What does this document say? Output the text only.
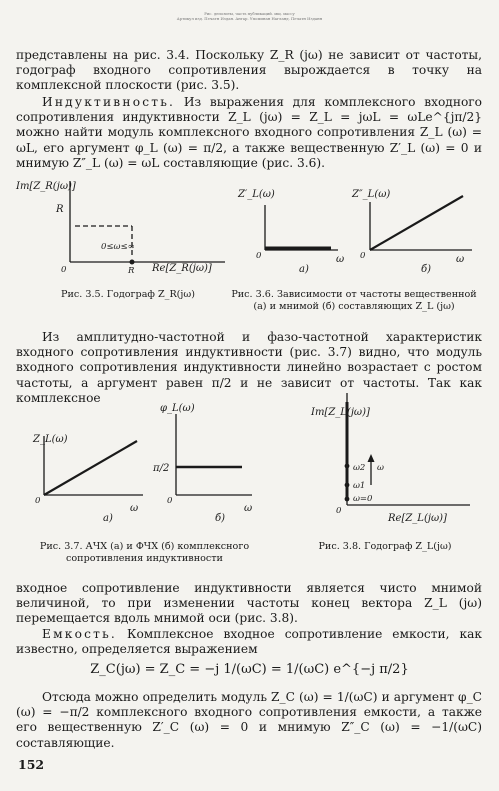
Рис. депозиты, часть публикаций. мщ. массу
Артикул изд. Печатн Издан. Ангар. Упоминан Нагланд. Печатн Изданн

представлены на рис. 3.4. Поскольку Z_R (jω) не зависит от частоты, годограф входного сопротивления вырождается в точку на комплексной плоскости (рис. 3.5).

Индуктивность. Из выражения для комплексного входного сопротивления индуктивности Z_L (jω) = Z_L = jωL = ωLe^{jπ/2} можно найти модуль комплексного входного сопротивления Z_L (ω) = ωL, его аргумент φ_L (ω) = π/2, а также вещественную Z′_L (ω) = 0 и мнимую Z″_L (ω) = ωL составляющие (рис. 3.6).

Im[Z_R(jω)]
R
0
0≤ω≤∞
R Re[Z_R(jω)]

Рис. 3.5. Годограф Z_R(jω)

Z′_L(ω)
0	ω
а)
Z″_L(ω)
0	ω
б)

Рис. 3.6. Зависимости от частоты вещественной (а) и мнимой (б) составляющих Z_L (jω)

Из амплитудно-частотной и фазо-частотной характеристик входного сопротивления индуктивности (рис. 3.7) видно, что модуль входного сопротивления индуктивности линейно возрастает с ростом частоты, а аргумент равен π/2 и не зависит от частоты. Так как комплексное

Z_L(ω)
0
ω
а)
φ_L(ω)
π/2
0
ω
б)

Рис. 3.7. АЧХ (а) и ФЧХ (б) комплексного сопротивления индуктивности

Im[Z_L(jω)]
ω2
ω1
ω=0
ω
0
Re[Z_L(jω)]

Рис. 3.8. Годограф Z_L(jω)

входное сопротивление индуктивности является чисто мнимой величиной, то при изменении частоты конец вектора Z_L (jω) перемещается вдоль мнимой оси (рис. 3.8).

Емкость. Комплексное входное сопротивление емкости, как известно, определяется выражением

Z_C(jω) = Z_C = −j 1/(ωC) = 1/(ωC) e^{−j π/2}

Отсюда можно определить модуль Z_C (ω) = 1/(ωC) и аргумент φ_C (ω) = −π/2 комплексного входного сопротивления емкости, а также его вещественную Z′_C (ω) = 0 и мнимую Z″_C (ω) = −1/(ωC) составляющие.

152
